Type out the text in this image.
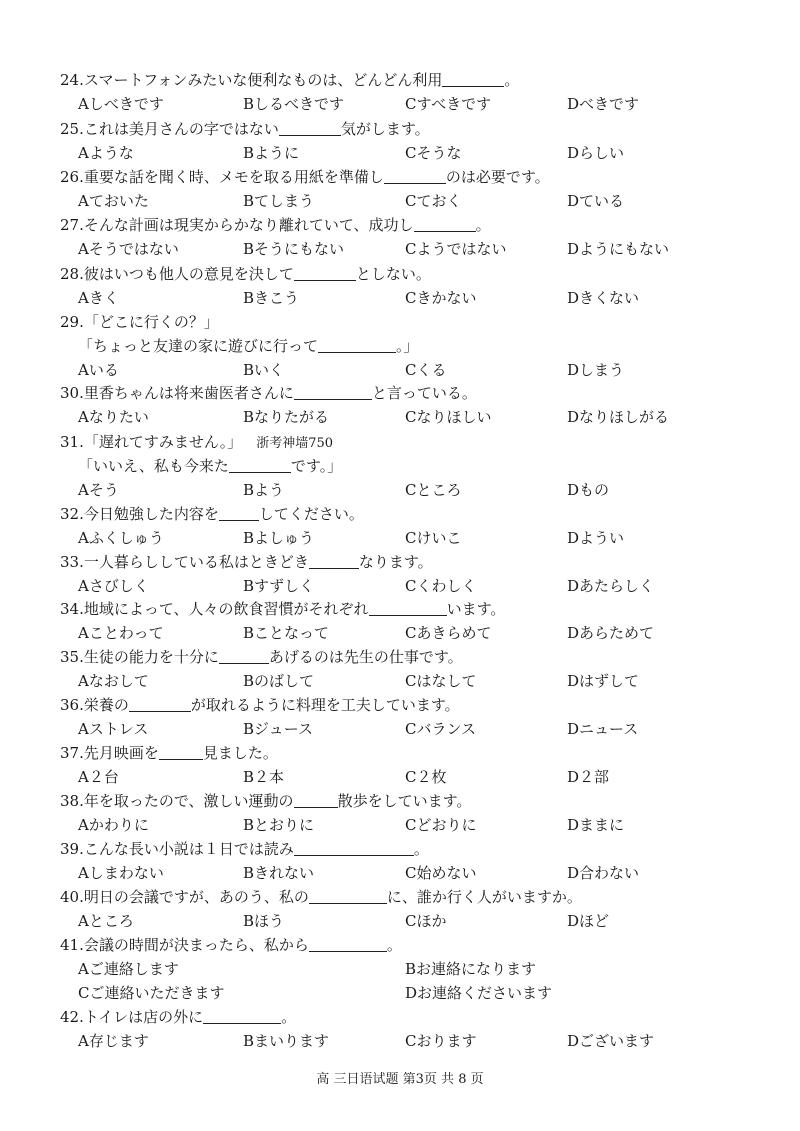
24.スマートフォンみたいな便利なものは、どんどん利用	。
Aしべきです	Bしるべきです	Cすべきです	Dべきです
25.これは美月さんの字ではない	気がします。
Aような	Bように	Cそうな	Dらしい
26.重要な話を聞く時、メモを取る用紙を準備し	のは必要です。
Aておいた	Bてしまう	Cておく	Dている
27.そんな計画は現実からかなり離れていて、成功し	。
Aそうではない	Bそうにもない	Cようではない	Dようにもない
28.彼はいつも他人の意見を決して	としない。
Aきく	Bきこう	Cきかない	Dきくない
29.「どこに行くの？」
「ちょっと友達の家に遊びに行って	。」
Aいる	Bいく	Cくる	Dしまう
30.里香ちゃんは将来歯医者さんに	と言っている。
Aなりたい	Bなりたがる	Cなりほしい	Dなりほしがる
31.「遅れてすみません。」 浙考神墙750
「いいえ、私も今来た	です。」
Aそう	Bよう	Cところ	Dもの
32.今日勉強した内容を	してください。
Aふくしゅう	Bよしゅう	Cけいこ	Dようい
33.一人暮らししている私はときどき	なります。
Aさびしく	Bすずしく	Cくわしく	Dあたらしく
34.地域によって、人々の飲食習慣がそれぞれ	います。
Aことわって	Bことなって	Cあきらめて	Dあらためて
35.生徒の能力を十分に	あげるのは先生の仕事です。
Aなおして	Bのばして	Cはなして	Dはずして
36.栄養の	が取れるように料理を工夫しています。
Aストレス	Bジュース	Cバランス	Dニュース
37.先月映画を	見ました。
A２台	B２本	C２枚	D２部
38.年を取ったので、激しい運動の	散歩をしています。
Aかわりに	Bとおりに	Cどおりに	Dままに
39.こんな長い小説は１日では読み	。
Aしまわない	Bきれない	C始めない	D合わない
40.明日の会議ですが、あのう、私の	に、誰か行く人がいますか。
Aところ	Bほう	Cほか	Dほど
41.会議の時間が決まったら、私から	。
Aご連絡します	Bお連絡になります
Cご連絡いただきます	Dお連絡くださいます
42.トイレは店の外に	。
A存じます	Bまいります	Cおります	Dございます
高 三日语试题 第3页 共 8 页
